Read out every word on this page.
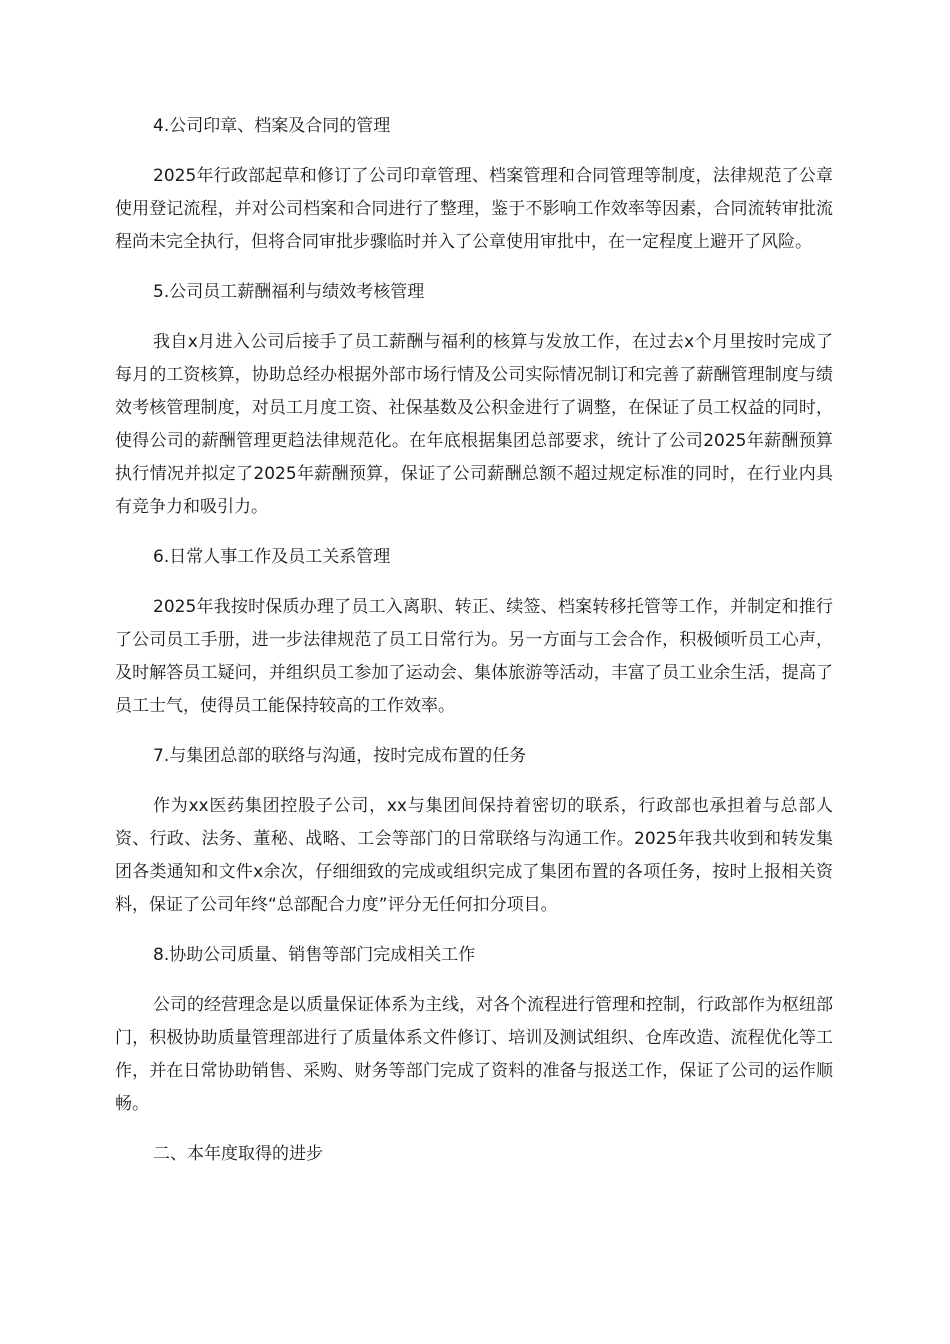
4.公司印章、档案及合同的管理

2025年行政部起草和修订了公司印章管理、档案管理和合同管理等制度，法律规范了公章使用登记流程，并对公司档案和合同进行了整理，鉴于不影响工作效率等因素，合同流转审批流程尚未完全执行，但将合同审批步骤临时并入了公章使用审批中，在一定程度上避开了风险。

5.公司员工薪酬福利与绩效考核管理

我自x月进入公司后接手了员工薪酬与福利的核算与发放工作，在过去x个月里按时完成了每月的工资核算，协助总经办根据外部市场行情及公司实际情况制订和完善了薪酬管理制度与绩效考核管理制度，对员工月度工资、社保基数及公积金进行了调整，在保证了员工权益的同时，使得公司的薪酬管理更趋法律规范化。在年底根据集团总部要求，统计了公司2025年薪酬预算执行情况并拟定了2025年薪酬预算，保证了公司薪酬总额不超过规定标准的同时，在行业内具有竞争力和吸引力。

6.日常人事工作及员工关系管理

2025年我按时保质办理了员工入离职、转正、续签、档案转移托管等工作，并制定和推行了公司员工手册，进一步法律规范了员工日常行为。另一方面与工会合作，积极倾听员工心声，及时解答员工疑问，并组织员工参加了运动会、集体旅游等活动，丰富了员工业余生活，提高了员工士气，使得员工能保持较高的工作效率。

7.与集团总部的联络与沟通，按时完成布置的任务

作为xx医药集团控股子公司，xx与集团间保持着密切的联系，行政部也承担着与总部人资、行政、法务、董秘、战略、工会等部门的日常联络与沟通工作。2025年我共收到和转发集团各类通知和文件x余次，仔细细致的完成或组织完成了集团布置的各项任务，按时上报相关资料，保证了公司年终“总部配合力度”评分无任何扣分项目。

8.协助公司质量、销售等部门完成相关工作

公司的经营理念是以质量保证体系为主线，对各个流程进行管理和控制，行政部作为枢纽部门，积极协助质量管理部进行了质量体系文件修订、培训及测试组织、仓库改造、流程优化等工作，并在日常协助销售、采购、财务等部门完成了资料的准备与报送工作，保证了公司的运作顺畅。

二、本年度取得的进步
